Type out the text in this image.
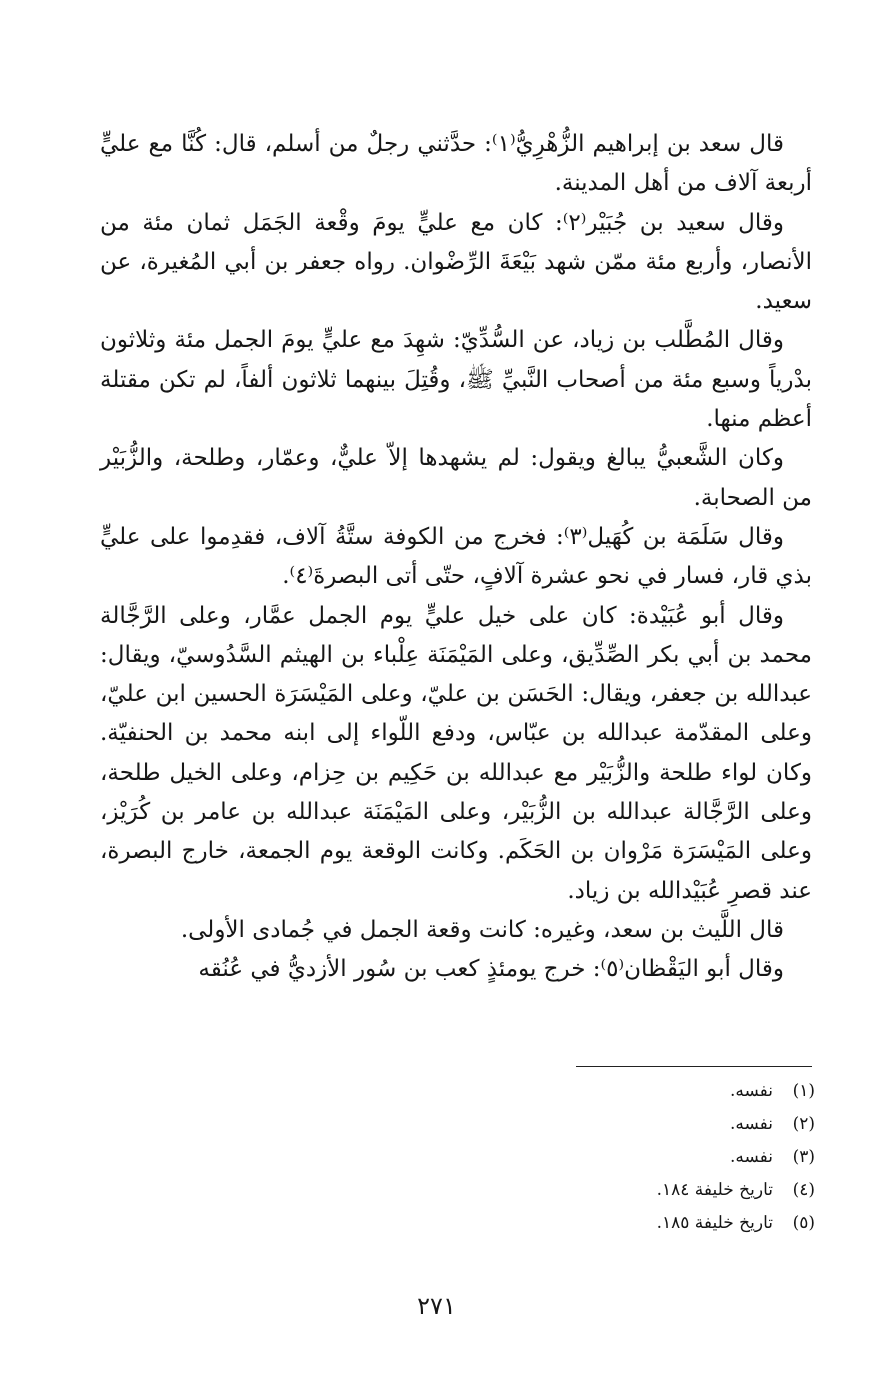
قال سعد بن إبراهيم الزُّهْرِيُّ⁽١⁾: حدَّثني رجلٌ من أسلم، قال: كُنَّا مع عليٍّ أربعة آلاف من أهل المدينة.

وقال سعيد بن جُبَيْر⁽٢⁾: كان مع عليٍّ يومَ وقْعة الجَمَل ثمان مئة من الأنصار، وأربع مئة ممّن شهد بَيْعَةَ الرِّضْوان. رواه جعفر بن أبي المُغيرة، عن سعيد.

وقال المُطَّلب بن زياد، عن السُّدِّيّ: شهِدَ مع عليٍّ يومَ الجمل مئة وثلاثون بدْرياً وسبع مئة من أصحاب النَّبيِّ ﷺ، وقُتِلَ بينهما ثلاثون ألفاً، لم تكن مقتلة أعظم منها.

وكان الشَّعبيُّ يبالغ ويقول: لم يشهدها إلاّ عليٌّ، وعمّار، وطلحة، والزُّبَيْر من الصحابة.

وقال سَلَمَة بن كُهَيل⁽٣⁾: فخرج من الكوفة ستَّةُ آلاف، فقدِموا على عليٍّ بذي قار، فسار في نحو عشرة آلافٍ، حتّى أتى البصرةَ⁽٤⁾.

وقال أبو عُبَيْدة: كان على خيل عليٍّ يوم الجمل عمَّار، وعلى الرَّجَّالة محمد بن أبي بكر الصِّدِّيق، وعلى المَيْمَنَة عِلْباء بن الهيثم السَّدُوسيّ، ويقال: عبدالله بن جعفر، ويقال: الحَسَن بن عليّ، وعلى المَيْسَرَة الحسين ابن عليّ، وعلى المقدّمة عبدالله بن عبّاس، ودفع اللّواء إلى ابنه محمد بن الحنفيّة. وكان لواء طلحة والزُّبَيْر مع عبدالله بن حَكِيم بن حِزام، وعلى الخيل طلحة، وعلى الرَّجَّالة عبدالله بن الزُّبَيْر، وعلى المَيْمَنَة عبدالله بن عامر بن كُرَيْز، وعلى المَيْسَرَة مَرْوان بن الحَكَم. وكانت الوقعة يوم الجمعة، خارج البصرة، عند قصرِ عُبَيْدالله بن زياد.

قال اللَّيث بن سعد، وغيره: كانت وقعة الجمل في جُمادى الأولى.

وقال أبو اليَقْظان⁽٥⁾: خرج يومئذٍ كعب بن سُور الأزديُّ في عُنُقه

(١)
نفسه.
(٢)
نفسه.
(٣)
نفسه.
(٤)
تاريخ خليفة ١٨٤.
(٥)
تاريخ خليفة ١٨٥.
٢٧١
